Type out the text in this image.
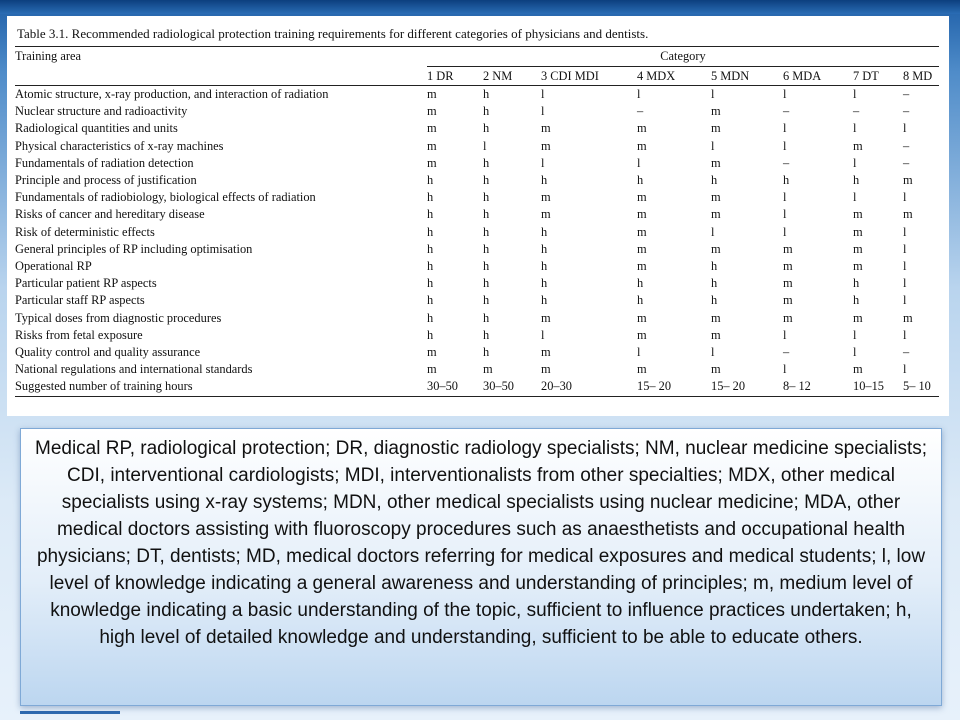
Table 3.1. Recommended radiological protection training requirements for different categories of physicians and dentists.
Training area	Category							
	1 DR	2 NM	3 CDI MDI	4 MDX	5 MDN	6 MDA	7 DT	8 MD
Atomic structure, x-ray production, and interaction of radiation	m	h	l	l	l	l	l	–
Nuclear structure and radioactivity	m	h	l	–	m	–	–	–
Radiological quantities and units	m	h	m	m	m	l	l	l
Physical characteristics of x-ray machines	m	l	m	m	l	l	m	–
Fundamentals of radiation detection	m	h	l	l	m	–	l	–
Principle and process of justification	h	h	h	h	h	h	h	m
Fundamentals of radiobiology, biological effects of radiation	h	h	m	m	m	l	l	l
Risks of cancer and hereditary disease	h	h	m	m	m	l	m	m
Risk of deterministic effects	h	h	h	m	l	l	m	l
General principles of RP including optimisation	h	h	h	m	m	m	m	l
Operational RP	h	h	h	m	h	m	m	l
Particular patient RP aspects	h	h	h	h	h	m	h	l
Particular staff RP aspects	h	h	h	h	h	m	h	l
Typical doses from diagnostic procedures	h	h	m	m	m	m	m	m
Risks from fetal exposure	h	h	l	m	m	l	l	l
Quality control and quality assurance	m	h	m	l	l	–	l	–
National regulations and international standards	m	m	m	m	m	l	m	l
Suggested number of training hours	30–50	30–50	20–30	15– 20	15– 20	8– 12	10–15	5– 10

Medical RP, radiological protection; DR, diagnostic radiology specialists; NM, nuclear medicine specialists; CDI, interventional cardiologists; MDI, interventionalists from other specialties; MDX, other medical specialists using x-ray systems; MDN, other medical specialists using nuclear medicine; MDA, other medical doctors assisting with fluoroscopy procedures such as anaesthetists and occupational health physicians; DT, dentists; MD, medical doctors referring for medical exposures and medical students; l, low level of knowledge indicating a general awareness and understanding of principles; m, medium level of knowledge indicating a basic understanding of the topic, sufficient to influence practices undertaken; h, high level of detailed knowledge and understanding, sufficient to be able to educate others.
